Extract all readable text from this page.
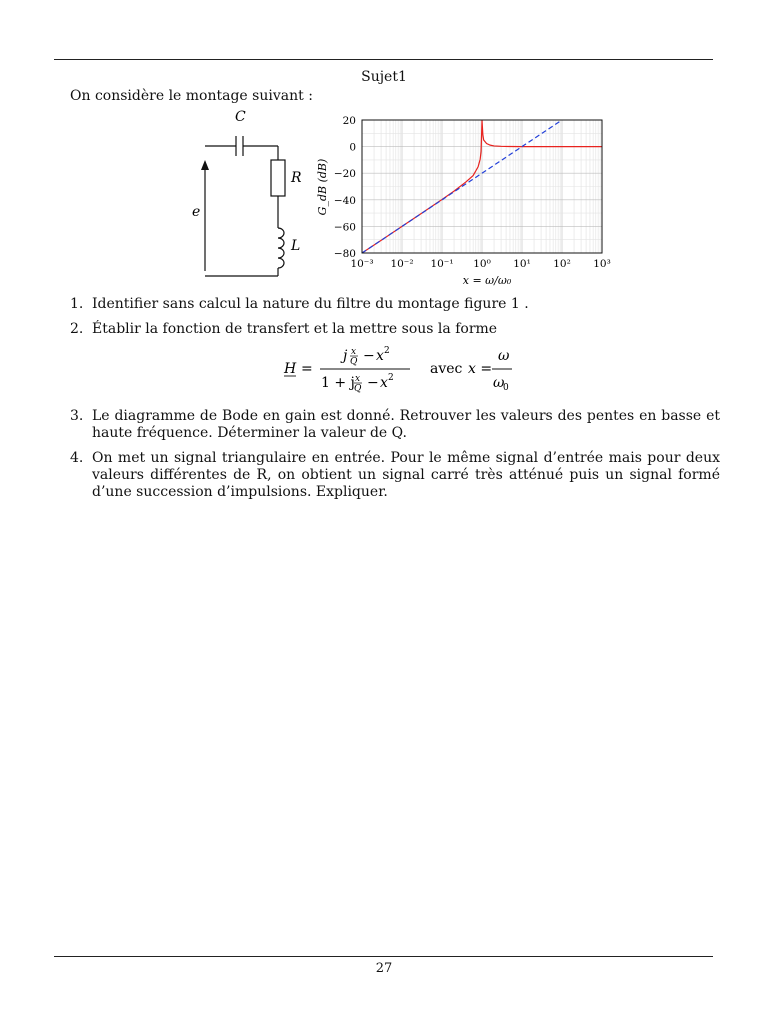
Sujet1
On considère le montage suivant :
C
R
L
e
10⁻³ 10⁻² 10⁻¹ 10⁰ 10¹ 10² 10³
20
0
−20
−40
−60
−80
x = ω/ω₀
G_dB (dB)
1. Identifier sans calcul la nature du filtre du montage figure 1 .
2. Établir la fonction de transfert et la mettre sous la forme
H =
j x
Q − x 2
1 + j x
Q − x 2
avec x =
ω
ω
0
3. Le diagramme de Bode en gain est donné. Retrouver les valeurs des pentes en basse et haute fréquence. Déterminer la valeur de Q.
4. On met un signal triangulaire en entrée. Pour le même signal d’entrée mais pour deux valeurs différentes de R, on obtient un signal carré très atténué puis un signal formé d’une succession d’impulsions. Expliquer.
27
